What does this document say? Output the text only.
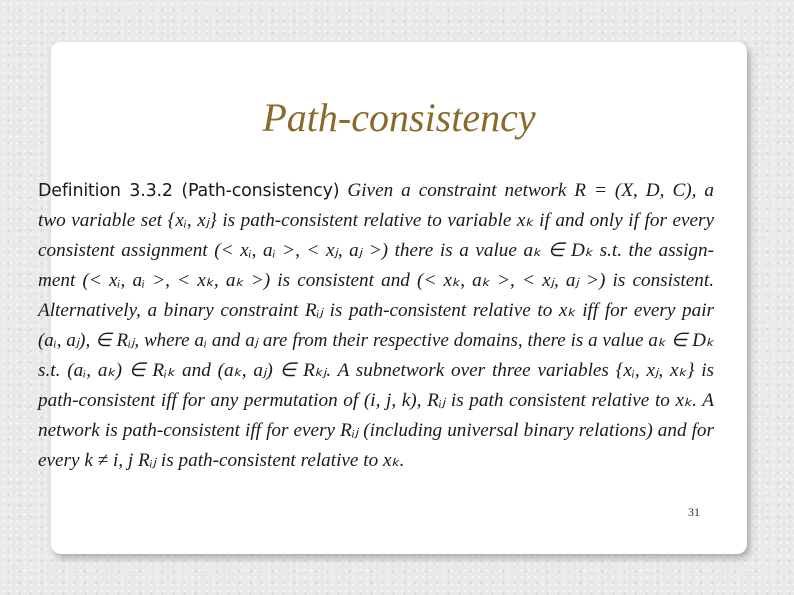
Path-consistency

31

Definition 3.3.2 (Path-consistency) Given a constraint network R = (X, D, C), a
two variable set {xᵢ, xⱼ} is path-consistent relative to variable xₖ if and only if for every
consistent assignment (< xᵢ, aᵢ >, < xⱼ, aⱼ >) there is a value aₖ ∈ Dₖ s.t. the assign-
ment (< xᵢ, aᵢ >, < xₖ, aₖ >) is consistent and (< xₖ, aₖ >, < xⱼ, aⱼ >) is consistent.
Alternatively, a binary constraint Rᵢⱼ is path-consistent relative to xₖ iff for every pair
(aᵢ, aⱼ), ∈ Rᵢⱼ, where aᵢ and aⱼ are from their respective domains, there is a value aₖ ∈ Dₖ
s.t. (aᵢ, aₖ) ∈ Rᵢₖ and (aₖ, aⱼ) ∈ Rₖⱼ. A subnetwork over three variables {xᵢ, xⱼ, xₖ} is
path-consistent iff for any permutation of (i, j, k), Rᵢⱼ is path consistent relative to xₖ. A
network is path-consistent iff for every Rᵢⱼ (including universal binary relations) and for
every k ≠ i, j Rᵢⱼ is path-consistent relative to xₖ.
